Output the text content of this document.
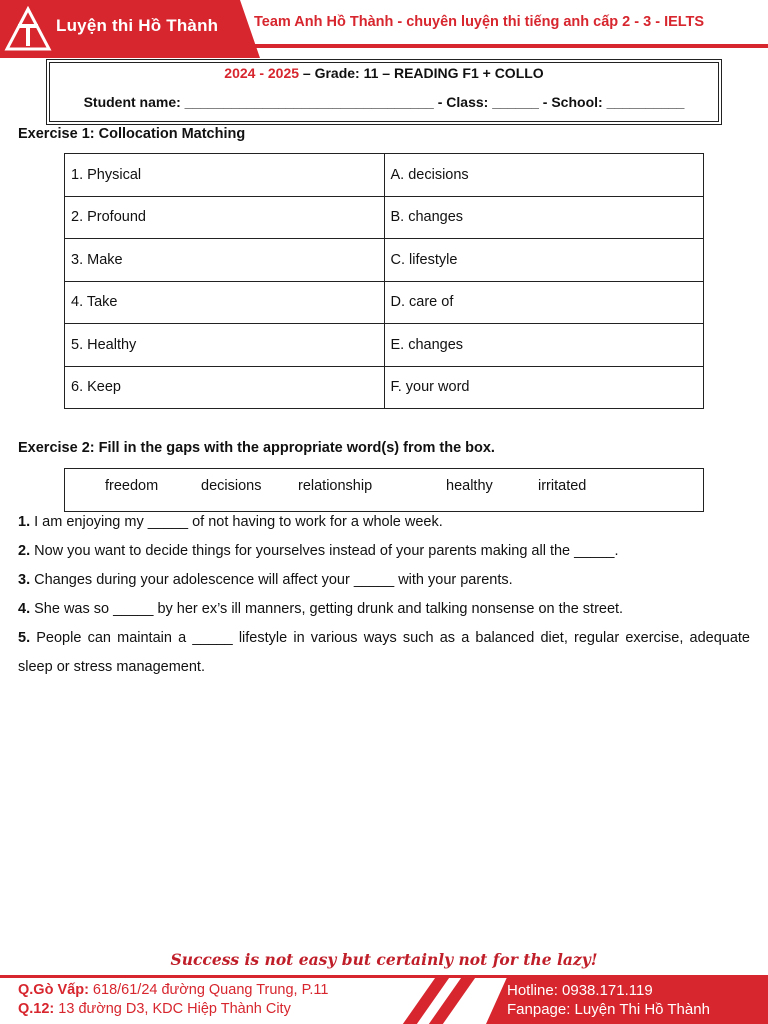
Luyện thi Hồ Thành Team Anh Hồ Thành - chuyên luyện thi tiếng anh cấp 2 - 3 - IELTS
2024 - 2025 – Grade: 11 – READING F1 + COLLO
Student name: ________________________________ - Class: ______ - School: __________
Exercise 1: Collocation Matching
1. Physical	A. decisions
2. Profound	B. changes
3. Make	C. lifestyle
4. Take	D. care of
5. Healthy	E. changes
6. Keep	F. your word
Exercise 2: Fill in the gaps with the appropriate word(s) from the box.
freedom	decisions	relationship	healthy	irritated
1. I am enjoying my _____ of not having to work for a whole week.
2. Now you want to decide things for yourselves instead of your parents making all the _____.
3. Changes during your adolescence will affect your _____ with your parents.
4. She was so _____ by her ex’s ill manners, getting drunk and talking nonsense on the street.
5. People can maintain a _____ lifestyle in various ways such as a balanced diet, regular exercise, adequate sleep or stress management.
Success is not easy but certainly not for the lazy!
Q.Gò Vấp: 618/61/24 đường Quang Trung, P.11
Q.12: 13 đường D3, KDC Hiệp Thành City
Hotline: 0938.171.119
Fanpage: Luyện Thi Hồ Thành
